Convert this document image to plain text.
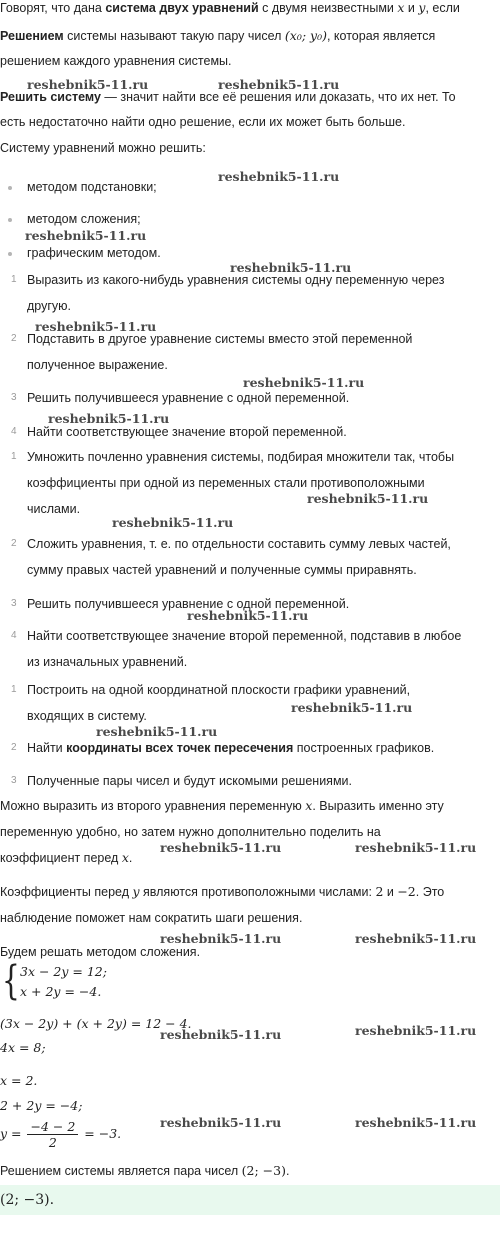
Говорят, что дана система двух уравнений с двумя неизвестными x и y, если
Решением системы называют такую пару чисел (x₀; y₀), которая является
решением каждого уравнения системы.
Решить систему — значит найти все её решения или доказать, что их нет. То
есть недостаточно найти одно решение, если их может быть больше.
Систему уравнений можно решить:
методом подстановки;
методом сложения;
графическим методом.
1 Выразить из какого-нибудь уравнения системы одну переменную через
другую.
2 Подставить в другое уравнение системы вместо этой переменной
полученное выражение.
3 Решить получившееся уравнение с одной переменной.
4 Найти соответствующее значение второй переменной.
1 Умножить почленно уравнения системы, подбирая множители так, чтобы
коэффициенты при одной из переменных стали противоположными
числами.
2 Сложить уравнения, т. е. по отдельности составить сумму левых частей,
сумму правых частей уравнений и полученные суммы приравнять.
3 Решить получившееся уравнение с одной переменной.
4 Найти соответствующее значение второй переменной, подставив в любое
из изначальных уравнений.
1 Построить на одной координатной плоскости графики уравнений,
входящих в систему.
2 Найти координаты всех точек пересечения построенных графиков.
3 Полученные пары чисел и будут искомыми решениями.
Можно выразить из второго уравнения переменную x. Выразить именно эту
переменную удобно, но затем нужно дополнительно поделить на
коэффициент перед x.
Коэффициенты перед y являются противоположными числами: 2 и −2. Это
наблюдение поможет нам сократить шаги решения.
Будем решать методом сложения.
{ 3x − 2y = 12;
x + 2y = −4.
(3x − 2y) + (x + 2y) = 12 − 4.
4x = 8;
x = 2.
2 + 2y = −4;
$y = \frac{-4 - 2}{2} = -3$.
Решением системы является пара чисел (2; −3).
(2; −3).
reshebnik5-11.ru	reshebnik5-11.ru
reshebnik5-11.ru
reshebnik5-11.ru
reshebnik5-11.ru
reshebnik5-11.ru
reshebnik5-11.ru
reshebnik5-11.ru
reshebnik5-11.ru
reshebnik5-11.ru
reshebnik5-11.ru
reshebnik5-11.ru
reshebnik5-11.ru
reshebnik5-11.ru	reshebnik5-11.ru
reshebnik5-11.ru	reshebnik5-11.ru
reshebnik5-11.ru	reshebnik5-11.ru
reshebnik5-11.ru	reshebnik5-11.ru
